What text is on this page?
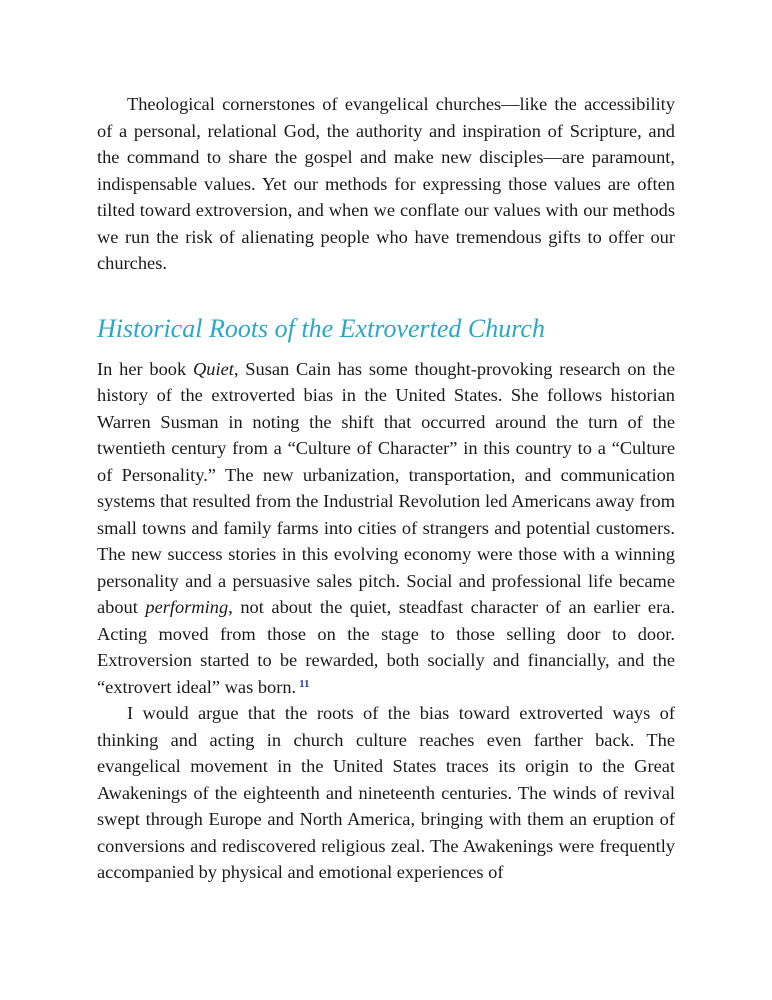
Theological cornerstones of evangelical churches—like the accessibility of a personal, relational God, the authority and inspiration of Scripture, and the command to share the gospel and make new disciples—are paramount, indispensable values. Yet our methods for expressing those values are often tilted toward extroversion, and when we conflate our values with our methods we run the risk of alienating people who have tremendous gifts to offer our churches.

Historical Roots of the Extroverted Church

In her book Quiet, Susan Cain has some thought-provoking research on the history of the extroverted bias in the United States. She follows historian Warren Susman in noting the shift that occurred around the turn of the twentieth century from a “Culture of Character” in this country to a “Culture of Personality.” The new urbanization, transportation, and communication systems that resulted from the Industrial Revolution led Americans away from small towns and family farms into cities of strangers and potential customers. The new success stories in this evolving economy were those with a winning personality and a persuasive sales pitch. Social and professional life became about performing, not about the quiet, steadfast character of an earlier era. Acting moved from those on the stage to those selling door to door. Extroversion started to be rewarded, both socially and financially, and the “extrovert ideal” was born. $^{11}$

I would argue that the roots of the bias toward extroverted ways of thinking and acting in church culture reaches even farther back. The evangelical movement in the United States traces its origin to the Great Awakenings of the eighteenth and nineteenth centuries. The winds of revival swept through Europe and North America, bringing with them an eruption of conversions and rediscovered religious zeal. The Awakenings were frequently accompanied by physical and emotional experiences of
